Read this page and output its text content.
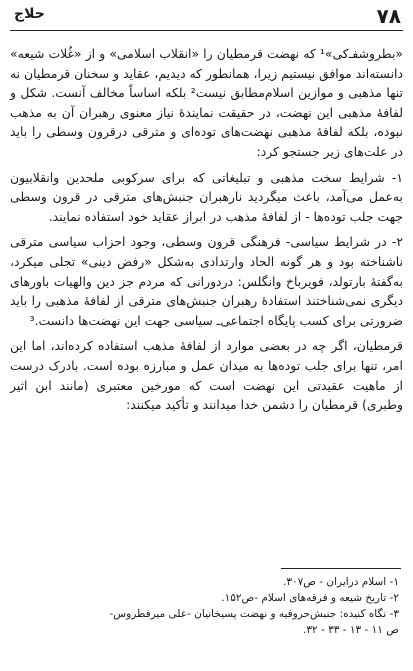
٧٨
حلاج

«بطروشفـ‌کی»¹ که نهضت قرمطیان را «انقلاب اسلامی» و از «غُلات شیعه» دانسته‌اند موافق نیستیم زیرا، همانطور که دیدیم، عقاید و سخنان قرمطیان نه تنها مذهبی و موازین اسلام‌مطابق نیست² بلکه اساساً مخالف آنست. شکل و لفافهٔ مذهبی این نهضت، در حقیقت نمایندهٔ نیاز معنوی رهبران آن به مذهب نبوده، بلکه لفافهٔ مذهبی نهضت‌های توده‌ای و مترقی درقرون وسطی را باید در علت‌های زیر جستجو کرد:

۱- شرایط سخت مذهبی و تبلیغاتی که برای سرکوبی ملحدین وانقلابیون به‌عمل می‌آمد، باعث میگردید نارهبران جنبش‌های مترقی در قرون وسطی جهت جلب توده‌ها - از لفافهٔ مذهب در ابراز عقاید خود استفاده نمایند.

۲- در شرایط سیاسی- فرهنگی قرون وسطی، وجود احزاب سیاسی مترقی ناشناخته بود و هر گونه الحاد وارتدادی به‌شکل «رفض دینی» تجلی میکرد، به‌گفتهٔ بارتولد، فویرباخ وانگلس: دردورانی که مردم جز دین والهیات باورهای دیگری نمی‌شناختند استفادهٔ رهبران جنبش‌های مترقی از لفافهٔ مذهبی را باید ضرورتی برای کسب پایگاه اجتماعی‌ـ سیاسی جهت این نهضت‌ها دانست.³

قرمطیان، اگر چه در بعضی موارد از لفافهٔ مذهب استفاده کرده‌اند، اما این امر، تنها برای جلب توده‌ها به میدان عمل و مبارزه بوده است. بادرک درست از ماهیت عقیدتی این نهضت است که مورخین معتبری (مانند ابن اثیر وطبری) قرمطیان را دشمن خدا میدانند و تأکید میکنند:

۱- اسلام درایران - ص۳۰۷.
۲- تاریخ شیعه و فرقه‌های اسلام -ص۱۵۲.
۳- نگاه کنیده‌: جنبش‌حروفیه و نهضت پسیخانیان -علی میرفطروس-
ص ۱۱ - ۱۳ - ۳۳ - ۳۲.
